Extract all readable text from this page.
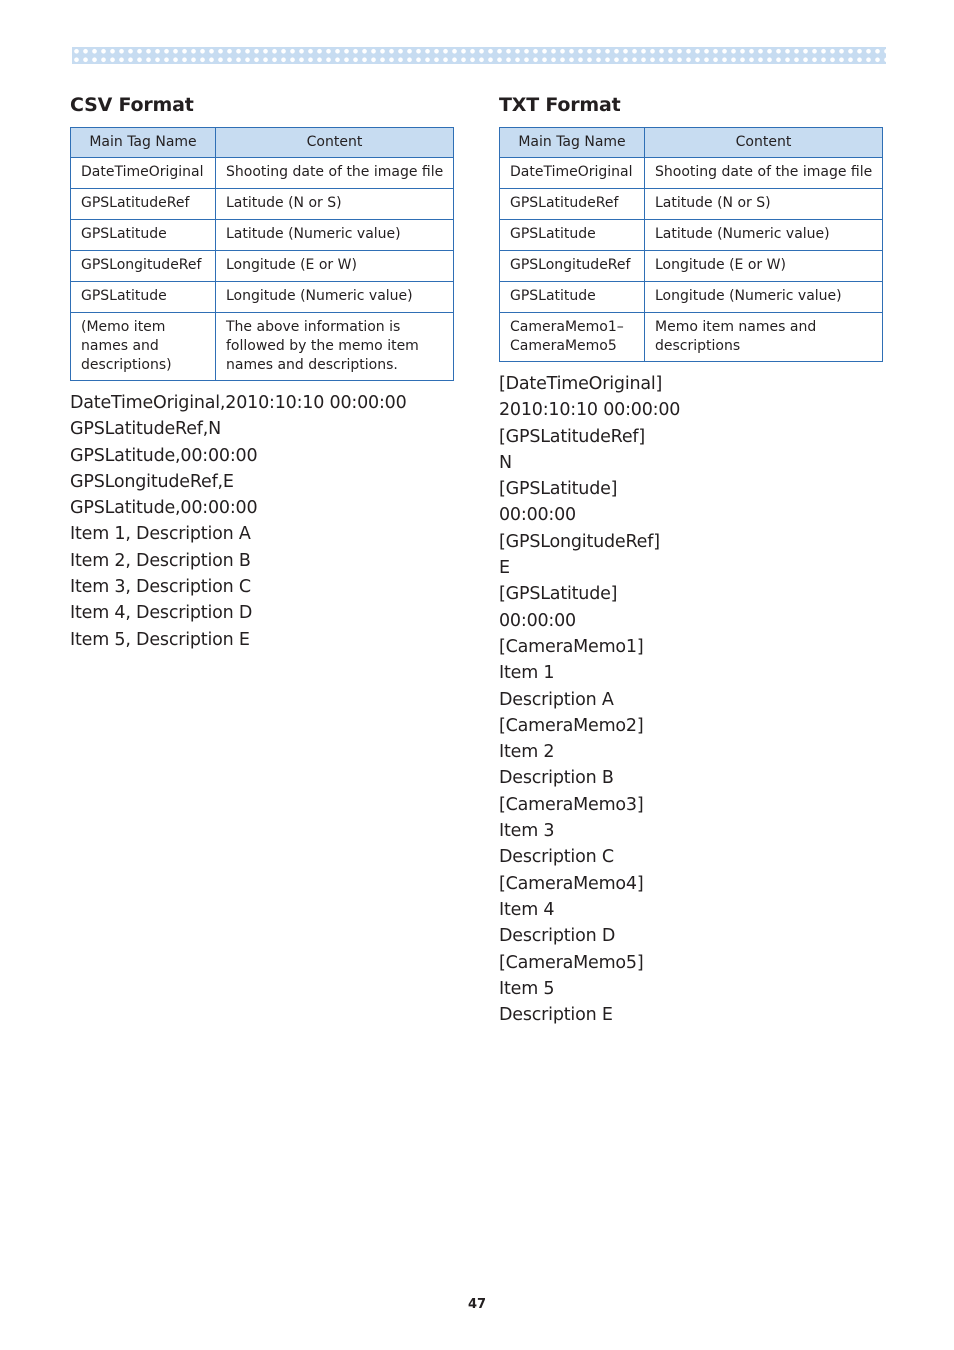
CSV Format
Main Tag Name	Content
DateTimeOriginal	Shooting date of the image file
GPSLatitudeRef	Latitude (N or S)
GPSLatitude	Latitude (Numeric value)
GPSLongitudeRef	Longitude (E or W)
GPSLatitude	Longitude (Numeric value)
(Memo item names and descriptions)	The above information is followed by the memo item names and descriptions.
DateTimeOriginal,2010:10:10 00:00:00
GPSLatitudeRef,N
GPSLatitude,00:00:00
GPSLongitudeRef,E
GPSLatitude,00:00:00
Item 1, Description A
Item 2, Description B
Item 3, Description C
Item 4, Description D
Item 5, Description E
TXT Format
Main Tag Name	Content
DateTimeOriginal	Shooting date of the image file
GPSLatitudeRef	Latitude (N or S)
GPSLatitude	Latitude (Numeric value)
GPSLongitudeRef	Longitude (E or W)
GPSLatitude	Longitude (Numeric value)
CameraMemo1–CameraMemo5	Memo item names and descriptions
[DateTimeOriginal]
2010:10:10 00:00:00
[GPSLatitudeRef]
N
[GPSLatitude]
00:00:00
[GPSLongitudeRef]
E
[GPSLatitude]
00:00:00
[CameraMemo1]
Item 1
Description A
[CameraMemo2]
Item 2
Description B
[CameraMemo3]
Item 3
Description C
[CameraMemo4]
Item 4
Description D
[CameraMemo5]
Item 5
Description E
47
